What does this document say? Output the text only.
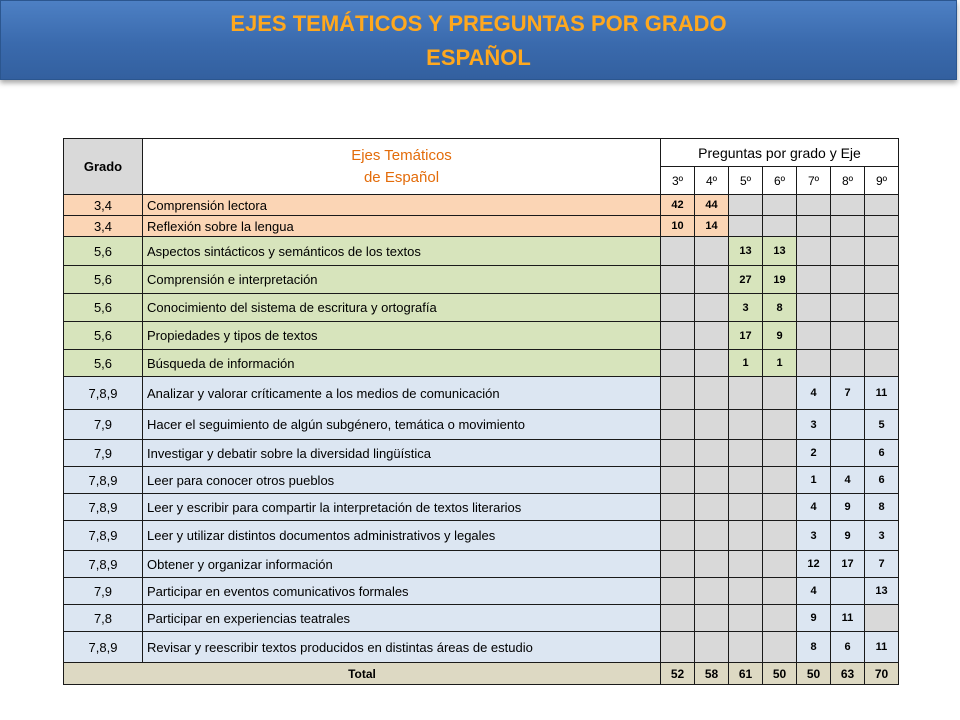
EJES TEMÁTICOS Y PREGUNTAS POR GRADO
ESPAÑOL
Grado	Ejes Temáticos
de Español	Preguntas por grado y Eje						
		3º	4º	5º	6º	7º	8º	9º
3,4	Comprensión lectora	42	44					
3,4	Reflexión sobre la lengua	10	14					
5,6	Aspectos sintácticos y semánticos de los textos			13	13			
5,6	Comprensión e interpretación			27	19			
5,6	Conocimiento del sistema de escritura y ortografía			3	8			
5,6	Propiedades y tipos de textos			17	9			
5,6	Búsqueda de información			1	1			
7,8,9	Analizar y valorar críticamente a los medios de comunicación					4	7	11
7,9	Hacer el seguimiento de algún subgénero, temática o movimiento					3		5
7,9	Investigar y debatir sobre la diversidad lingüística					2		6
7,8,9	Leer para conocer otros pueblos					1	4	6
7,8,9	Leer y escribir para compartir la interpretación de textos literarios					4	9	8
7,8,9	Leer y utilizar distintos documentos administrativos y legales					3	9	3
7,8,9	Obtener y organizar información					12	17	7
7,9	Participar en eventos comunicativos formales					4		13
7,8	Participar en experiencias teatrales					9	11	
7,8,9	Revisar y reescribir textos producidos en distintas áreas de estudio					8	6	11
Total		52	58	61	50	50	63	70
